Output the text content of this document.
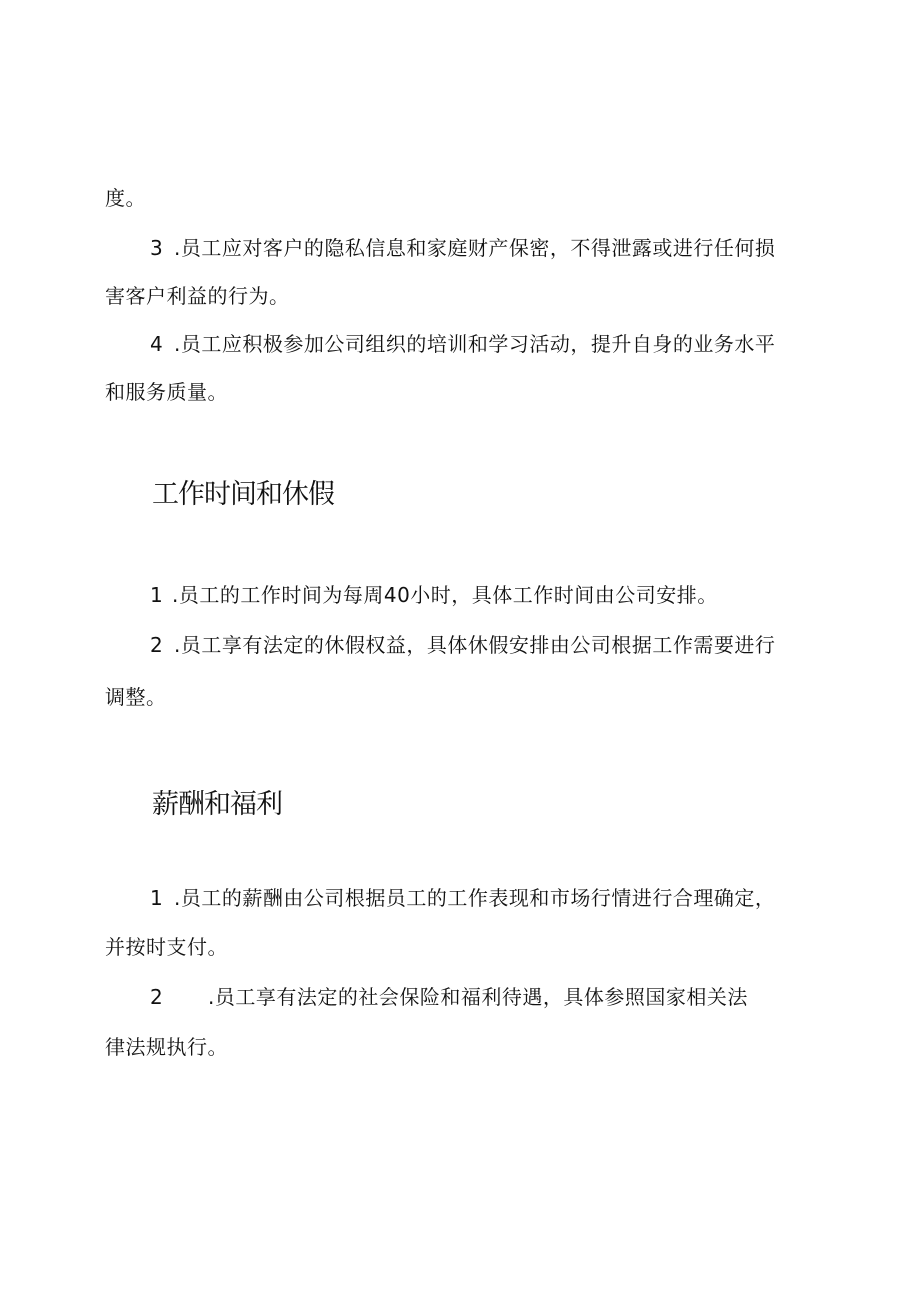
度。
3 .员工应对客户的隐私信息和家庭财产保密，不得泄露或进行任何损
害客户利益的行为。
4 .员工应积极参加公司组织的培训和学习活动，提升自身的业务水平
和服务质量。
工作时间和休假
1 .员工的工作时间为每周40小时，具体工作时间由公司安排。
2 .员工享有法定的休假权益，具体休假安排由公司根据工作需要进行
调整。
薪酬和福利
1 .员工的薪酬由公司根据员工的工作表现和市场行情进行合理确定，
并按时支付。
2 .员工享有法定的社会保险和福利待遇，具体参照国家相关法
律法规执行。
